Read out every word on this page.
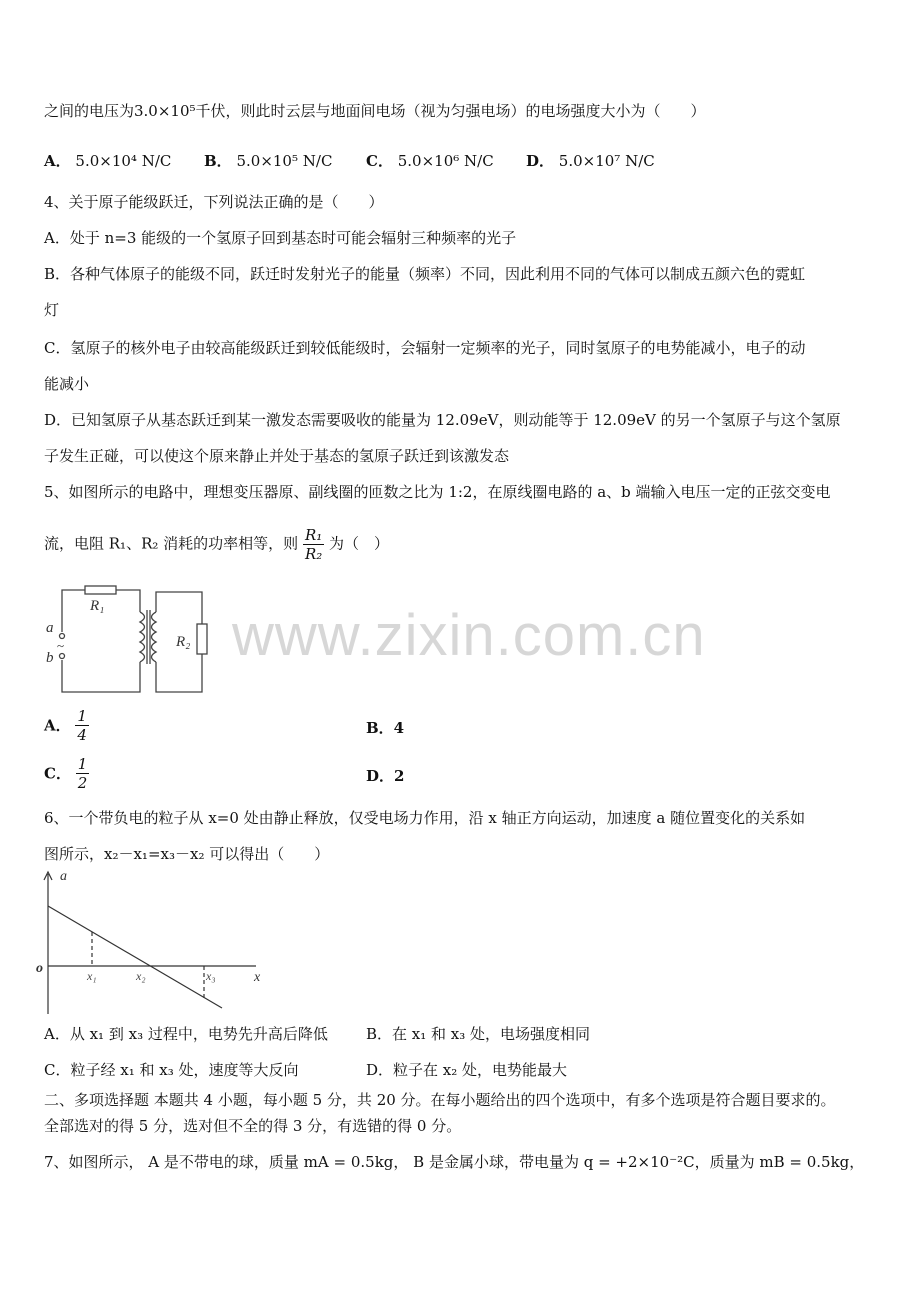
之间的电压为3.0×10⁵千伏，则此时云层与地面间电场（视为匀强电场）的电场强度大小为（　　）
A． 5.0×10⁴ N/C B． 5.0×10⁵ N/C C． 5.0×10⁶ N/C D． 5.0×10⁷ N/C
4、关于原子能级跃迁，下列说法正确的是（　　）
A．处于 n=3 能级的一个氢原子回到基态时可能会辐射三种频率的光子
B．各种气体原子的能级不同，跃迁时发射光子的能量（频率）不同，因此利用不同的气体可以制成五颜六色的霓虹
灯
C．氢原子的核外电子由较高能级跃迁到较低能级时，会辐射一定频率的光子，同时氢原子的电势能减小，电子的动
能减小
D．已知氢原子从基态跃迁到某一激发态需要吸收的能量为 12.09eV，则动能等于 12.09eV 的另一个氢原子与这个氢原
子发生正碰，可以使这个原来静止并处于基态的氢原子跃迁到该激发态
5、如图所示的电路中，理想变压器原、副线圈的匝数之比为 1:2，在原线圈电路的 a、b 端输入电压一定的正弦交变电
流，电阻 R₁、R₂ 消耗的功率相等，则 $\frac{\text{R₁}}{\text{R₂}}$ 为（　）
R₁
R₂
a
b
~	www.zixin.com.cn
A． $\frac{1}{4}$	B．4
C． $\frac{1}{2}$	D．2
6、一个带负电的粒子从 x=0 处由静止释放，仅受电场力作用，沿 x 轴正方向运动，加速度 a 随位置变化的关系如
图所示，x₂－x₁=x₃－x₂ 可以得出（　　）
a
x
o	x₁	x₂	x₃
A．从 x₁ 到 x₃ 过程中，电势先升高后降低	B．在 x₁ 和 x₃ 处，电场强度相同
C．粒子经 x₁ 和 x₃ 处，速度等大反向	D．粒子在 x₂ 处，电势能最大
二、多项选择题 本题共 4 小题，每小题 5 分，共 20 分。在每小题给出的四个选项中，有多个选项是符合题目要求的。
全部选对的得 5 分，选对但不全的得 3 分，有选错的得 0 分。
7、如图所示， A 是不带电的球，质量 mA = 0.5kg， B 是金属小球，带电量为 q = +2×10⁻²C，质量为 mB = 0.5kg，
